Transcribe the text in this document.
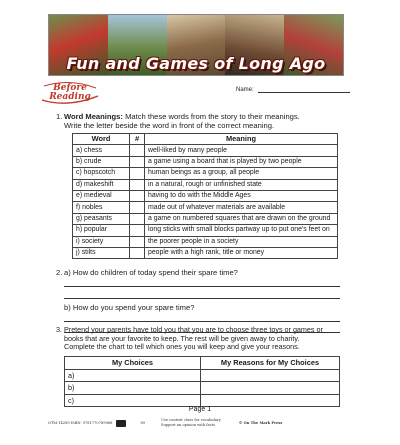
Fun and Games of Long Ago
Before
Reading
Name:
1. Word Meanings: Match these words from the story to their meanings.
Write the letter beside the word in front of the correct meaning.
Word	#	Meaning
a) chess		well-liked by many people
b) crude		a game using a board that is played by two people
c) hopscotch		human beings as a group, all people
d) makeshift		in a natural, rough or unfinished state
e) medieval		having to do with the Middle Ages
f) nobles		made out of whatever materials are available
g) peasants		a game on numbered squares that are drawn on the ground
h) popular		long sticks with small blocks partway up to put one's feet on
i) society		the poorer people in a society
j) stilts		people with a high rank, title or money
2. a) How do children of today spend their spare time?
b) How do you spend your spare time?
3. Pretend your parents have told you that you are to choose three toys or games or
books that are your favorite to keep. The rest will be given away to charity.
Complete the chart to tell which ones you will keep and give your reasons.
My Choices	My Reasons for My Choices
a)	
b)	
c)	
Page 1
OTM-14289 ISBN: 9781770789968	89
Use context clues for vocabulary
Support an opinion with facts	© On The Mark Press
